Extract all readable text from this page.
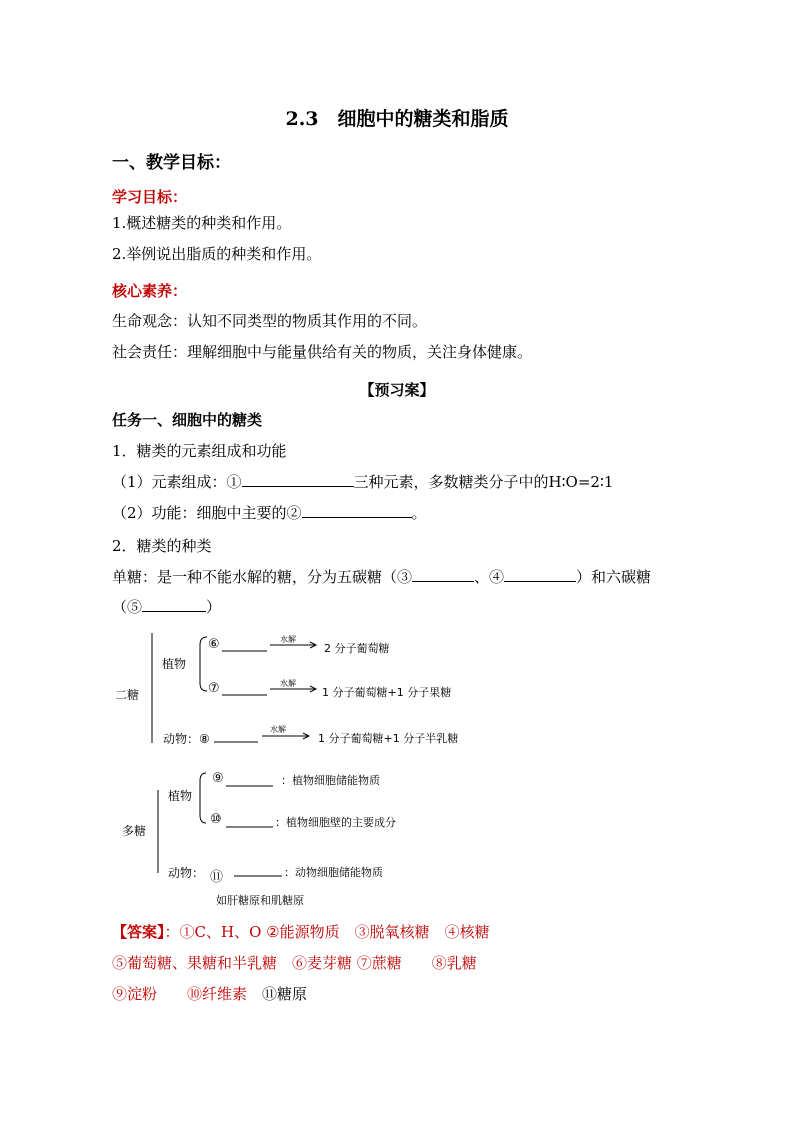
2.3　细胞中的糖类和脂质
一、教学目标：
学习目标：
1.概述糖类的种类和作用。
2.举例说出脂质的种类和作用。
核心素养：
生命观念：认知不同类型的物质其作用的不同。
社会责任：理解细胞中与能量供给有关的物质，关注身体健康。
【预习案】
任务一、细胞中的糖类
1．糖类的元素组成和功能
（1）元素组成：①	三种元素，多数糖类分子中的H∶O=2∶1
（2）功能：细胞中主要的②	。
2．糖类的种类
单糖：是一种不能水解的糖，分为五碳糖（③	、④	）和六碳糖
（⑤	）
二糖
植物
⑥	水解
2 分子葡萄糖
⑦	水解
1 分子葡萄糖+1 分子果糖
动物：⑧
水解
1 分子葡萄糖+1 分子半乳糖
多糖
植物
⑨	：植物细胞储能物质
⑩	：植物细胞壁的主要成分
动物： ⑪	：动物细胞储能物质
如肝糖原和肌糖原
【答案】：①C、H、O ②能源物质　③脱氧核糖　④核糖
⑤葡萄糖、果糖和半乳糖　⑥麦芽糖 ⑦蔗糖　　⑧乳糖
⑨淀粉　　⑩纤维素　⑪糖原
